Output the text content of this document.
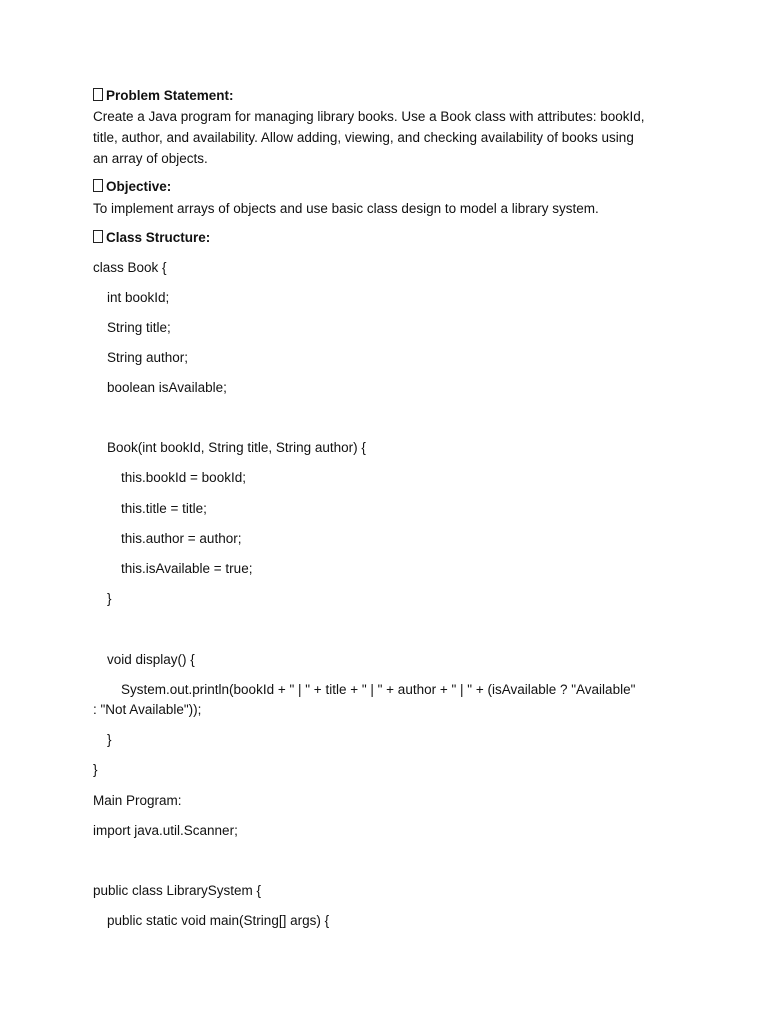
Problem Statement:
Create a Java program for managing library books. Use a Book class with attributes: bookId,
title, author, and availability. Allow adding, viewing, and checking availability of books using
an array of objects.
Objective:
To implement arrays of objects and use basic class design to model a library system.
Class Structure:
class Book {
int bookId;
String title;
String author;
boolean isAvailable;
Book(int bookId, String title, String author) {
this.bookId = bookId;
this.title = title;
this.author = author;
this.isAvailable = true;
}
void display() {
System.out.println(bookId + " | " + title + " | " + author + " | " + (isAvailable ? "Available"
: "Not Available"));
}
}
Main Program:
import java.util.Scanner;
public class LibrarySystem {
public static void main(String[] args) {
